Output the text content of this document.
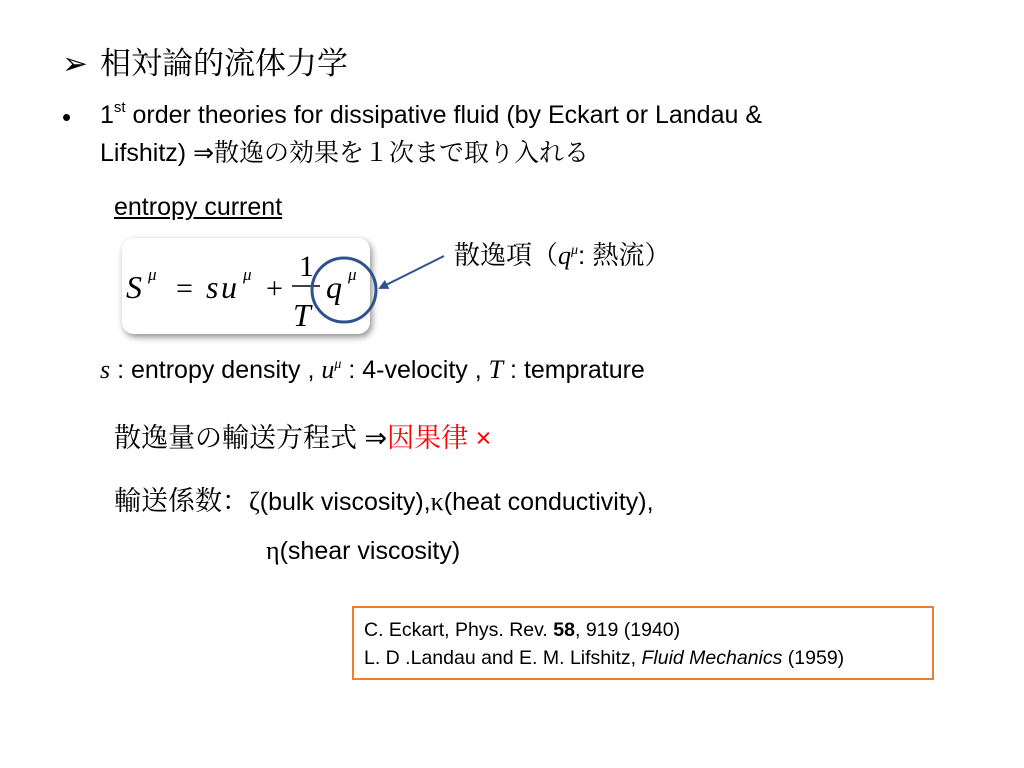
➢ 相対論的流体力学
• 1st order theories for dissipative fluid (by Eckart or Landau &
Lifshitz) ⇒散逸の効果を１次まで取り入れる
entropy current
S μ = s u μ +
1
T
q μ
散逸項（$q^\mu$: 熱流）
s : entropy density , $u^\mu$ : 4-velocity , T : temprature
散逸量の輸送方程式 ⇒因果律 ×
輸送係数：ζ(bulk viscosity),κ(heat conductivity),
η(shear viscosity)
C. Eckart, Phys. Rev. 58, 919 (1940)
L. D .Landau and E. M. Lifshitz, Fluid Mechanics (1959)
